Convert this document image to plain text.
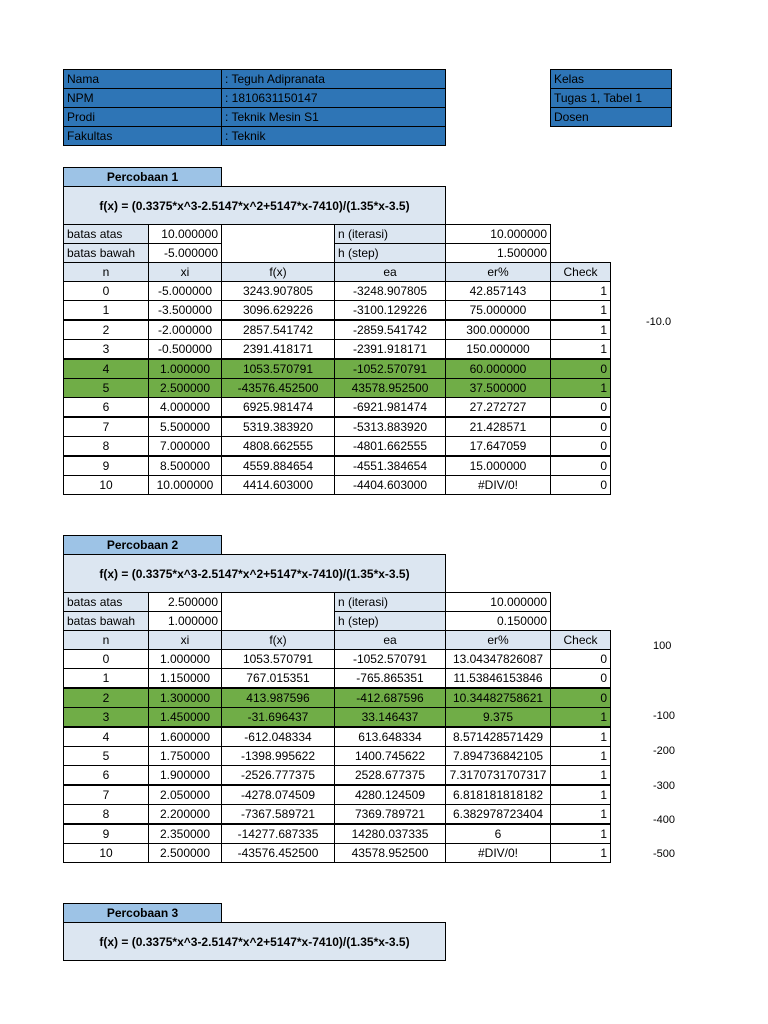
Nama	: Teguh Adipranata
NPM	: 1810631150147
Prodi	: Teknik Mesin S1
Fakultas	: Teknik
Kelas
Tugas 1, Tabel 1
Dosen
Percobaan 1
f(x) = (0.3375*x^3-2.5147*x^2+5147*x-7410)/(1.35*x-3.5)
batas atas	10.000000	n (iterasi)	10.000000
batas bawah	-5.000000	h (step)	1.500000
n	xi	f(x)	ea	er%	Check
0	-5.000000	3243.907805	-3248.907805	42.857143	1
1	-3.500000	3096.629226	-3100.129226	75.000000	1
2	-2.000000	2857.541742	-2859.541742	300.000000	1
3	-0.500000	2391.418171	-2391.918171	150.000000	1
4	1.000000	1053.570791	-1052.570791	60.000000	0
5	2.500000	-43576.452500	43578.952500	37.500000	1
6	4.000000	6925.981474	-6921.981474	27.272727	0
7	5.500000	5319.383920	-5313.883920	21.428571	0
8	7.000000	4808.662555	-4801.662555	17.647059	0
9	8.500000	4559.884654	-4551.384654	15.000000	0
10	10.000000	4414.603000	-4404.603000	#DIV/0!	0
Percobaan 2
f(x) = (0.3375*x^3-2.5147*x^2+5147*x-7410)/(1.35*x-3.5)
batas atas	2.500000	n (iterasi)	10.000000
batas bawah	1.000000	h (step)	0.150000
n	xi	f(x)	ea	er%	Check
0	1.000000	1053.570791	-1052.570791	13.04347826087	0
1	1.150000	767.015351	-765.865351	11.5384615384​6	0
2	1.300000	413.987596	-412.687596	10.34482758621	0
3	1.450000	-31.696437	33.146437	9.375	1
4	1.600000	-612.048334	613.648334	8.571428571429	1
5	1.750000	-1398.995622	1400.745622	7.894736842105	1
6	1.900000	-2526.777375	2528.677375	7.317073170731​7	1
7	2.050000	-4278.074509	4280.124509	6.818181818182	1
8	2.200000	-7367.589721	7369.789721	6.382978723404	1
9	2.350000	-14277.687335	14280.037335	6	1
10	2.500000	-43576.452500	43578.952500	#DIV/0!	1
Percobaan 3
f(x) = (0.3375*x^3-2.5147*x^2+5147*x-7410)/(1.35*x-3.5)
-10.0
100
-100
-200
-300
-400
-500
